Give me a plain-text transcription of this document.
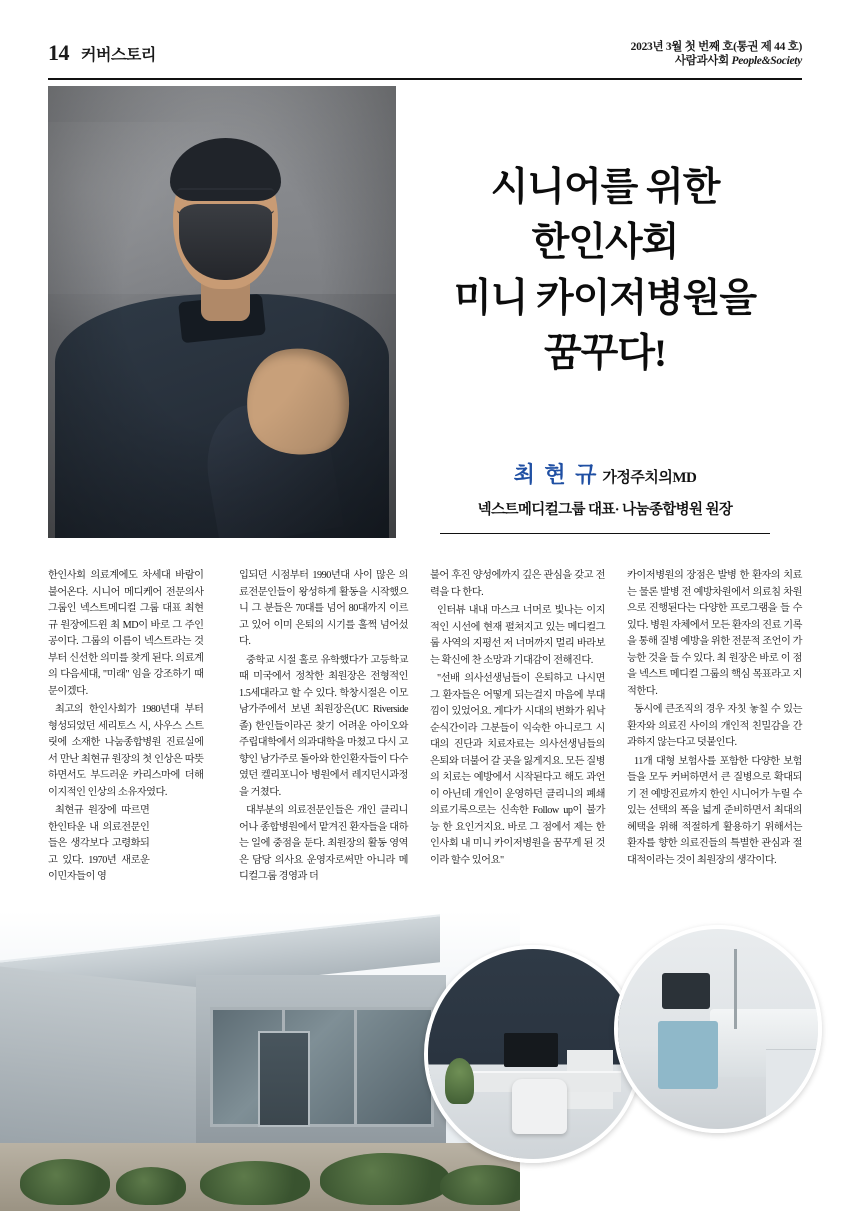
14 커버스토리	2023년 3월 첫 번째 호(통권 제 44 호)
사람과사회 People&Society
시니어를 위한
한인사회
미니 카이저병원을
꿈꾸다!
최 현 규 가정주치의MD
넥스트메디컬그룹 대표· 나눔종합병원 원장

한인사회 의료계에도 차세대 바람이 불어온다. 시니어 메디케어 전문의사그룹인 넥스트메디컬 그룹 대표 최현규 원장에드윈 최 MD이 바로 그 주인공이다. 그룹의 이름이 넥스트라는 것 부터 신선한 의미를 찾게 된다. 의료계의 다음세대, "미래" 임을 강조하기 때문이겠다.

최고의 한인사회가 1980년대 부터 형성되었던 세리토스 시, 사우스 스트릿에 소재한 나눔종합병원 진료실에서 만난 최현규 원장의 첫 인상은 따뜻하면서도 부드러운 카리스마에 더해 이지적인 인상의 소유자였다.

최현규 원장에 따르면 한인타운 내 의료전문인들은 생각보다 고령화되고 있다. 1970년 새로운 이민자들이 영

입되던 시점부터 1990년대 사이 많은 의료전문인들이 왕성하게 활동을 시작했으니 그 분들은 70대를 넘어 80대까지 이르고 있어 이미 은퇴의 시기를 훌쩍 넘어섰다.

중학교 시절 홀로 유학했다가 고등학교 때 미국에서 정착한 최원장은 전형적인 1.5세대라고 할 수 있다. 학창시절은 이모 남가주에서 보낸 최원장은(UC Riverside 졸) 한인들이라곤 찾기 어려운 아이오와 주립대학에서 의과대학을 마쳤고 다시 고향인 남가주로 돌아와 한인환자들이 다수였던 켈리포니아 병원에서 레지던시과정을 거쳤다.

대부분의 의료전문인들은 개인 클리니어나 종합병원에서 맡겨진 환자들을 대하는 일에 중점을 둔다. 최원장의 활동 영역은 담당 의사요 운영자로써만 아니라 메디컬그룹 경영과 더

불어 후진 양성에까지 깊은 관심을 갖고 전력을 다 한다.

인터뷰 내내 마스크 너머로 빛나는 이지적인 시선에 현재 펼쳐지고 있는 메디컬그룹 사역의 지평선 저 너머까지 멀리 바라보는 확신에 찬 소망과 기대감이 전해진다.

"선배 의사선생님들이 은퇴하고 나시면 그 환자들은 어떻게 되는걸지 마음에 부대낌이 있었어요. 게다가 시대의 변화가 워낙 순식간이라 그분들이 익숙한 아니로그 시대의 진단과 치료자료는 의사선생님들의 은퇴와 더불어 갈 곳을 잃게지요. 모든 질병의 치료는 예방에서 시작된다고 해도 과언이 아닌데 개인이 운영하던 클리니의 폐쇄의료기록으로는 신속한 Follow up이 불가능 한 요인거지요. 바로 그 점에서 제는 한인사회 내 미니 카이저병원을 꿈꾸게 된 것이라 할수 있어요"

카이저병원의 장점은 발병 한 환자의 치료는 물론 발병 전 예방차원에서 의료침 차원으로 진행된다는 다양한 프로그램을 들 수 있다. 병원 자체에서 모든 환자의 진료 기록을 통해 질병 예방을 위한 전문적 조언이 가능한 것을 들 수 있다. 최 원장은 바로 이 점을 넥스트 메디컬 그룹의 핵심 목표라고 지적한다.

동시에 큰조직의 경우 자칫 놓칠 수 있는 환자와 의료진 사이의 개인적 친밀감을 간과하지 않는다고 덧붙인다.

11개 대형 보험사를 포함한 다양한 보험들을 모두 커버하면서 큰 질병으로 확대되기 전 예방진료까지 한인 시니어가 누릴 수 있는 선택의 폭을 넓게 준비하면서 최대의 혜택을 위해 적절하게 활용하기 위해서는 환자를 향한 의료진들의 특별한 관심과 절대적이라는 것이 최원장의 생각이다.
